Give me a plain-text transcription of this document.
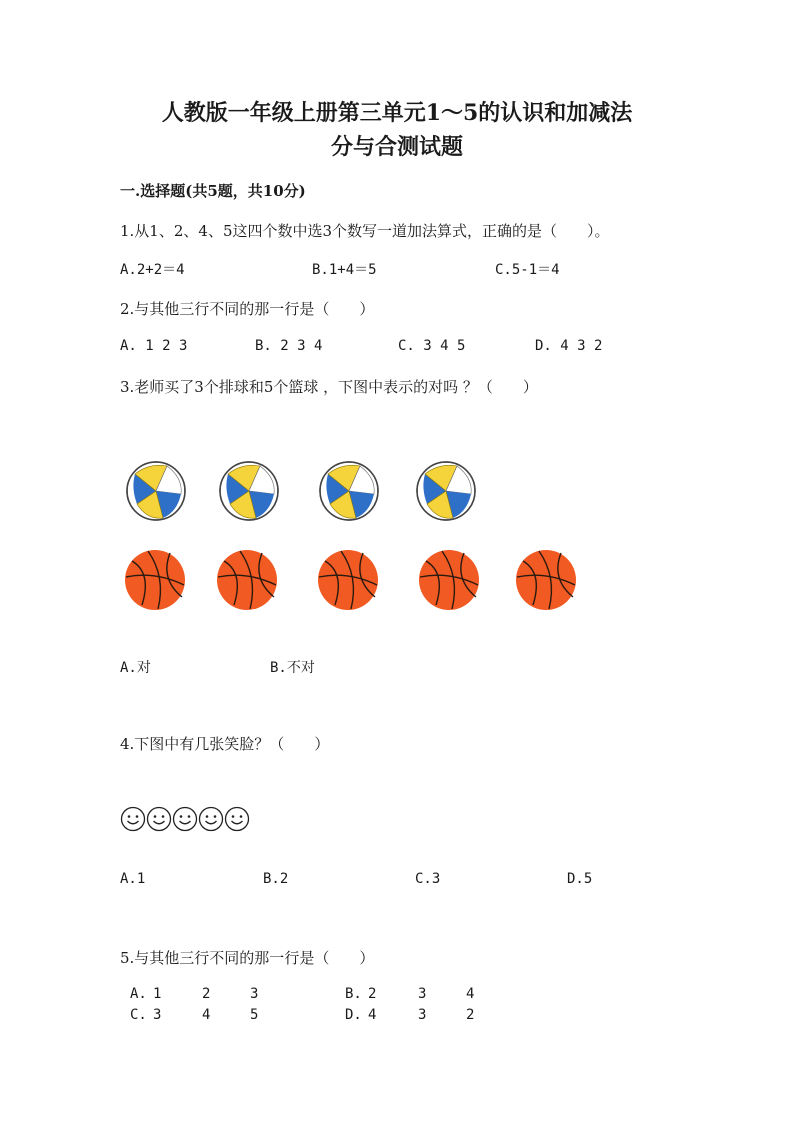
人教版一年级上册第三单元1～5的认识和加减法
分与合测试题
一.选择题(共5题，共10分)
1.从1、2、4、5这四个数中选3个数写一道加法算式，正确的是（　　）。
A.2+2＝4	B.1+4＝5	C.5-1＝4
2.与其他三行不同的那一行是（　　）
A. 1 2 3	B. 2 3 4	C. 3 4 5	D. 4 3 2
3.老师买了3个排球和5个篮球 ，下图中表示的对吗 ？（　　）
A.对	B.不对
4.下图中有几张笑脸？（　　）
A.1	B.2	C.3	D.5
5.与其他三行不同的那一行是（　　）
A. 1	2	3	B. 2	3	4
C. 3	4	5	D. 4	3	2
